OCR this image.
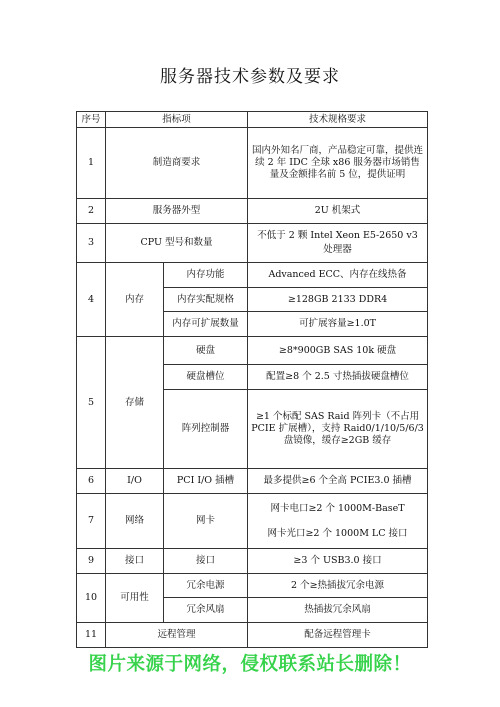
服务器技术参数及要求
序号	指标项		技术规格要求
1	制造商要求		国内外知名厂商，产品稳定可靠，提供连续 2 年 IDC 全球 x86 服务器市场销售量及金额排名前 5 位，提供证明
2	服务器外型		2U 机架式
3	CPU 型号和数量		不低于 2 颗 Intel Xeon E5-2650 v3 处理器
4	内存	内存功能	Advanced ECC、内存在线热备
		内存实配规格	≥128GB 2133 DDR4
		内存可扩展数量	可扩展容量≥1.0T
5	存储	硬盘	≥8*900GB SAS 10k 硬盘
		硬盘槽位	配置≥8 个 2.5 寸热插拔硬盘槽位
		阵列控制器	≥1 个标配 SAS Raid 阵列卡（不占用 PCIE 扩展槽），支持 Raid0/1/10/5/6/3 盘镜像，缓存≥2GB 缓存
6	I/O	PCI I/O 插槽	最多提供≥6 个全高 PCIE3.0 插槽
7	网络	网卡	网卡电口≥2 个 1000M-BaseT
网卡光口≥2 个 1000M LC 接口

9	接口	接口	≥3 个 USB3.0 接口
10	可用性	冗余电源	2 个≥热插拔冗余电源
		冗余风扇	热插拔冗余风扇
11	远程管理		配备远程管理卡
图片来源于网络，侵权联系站长删除！
